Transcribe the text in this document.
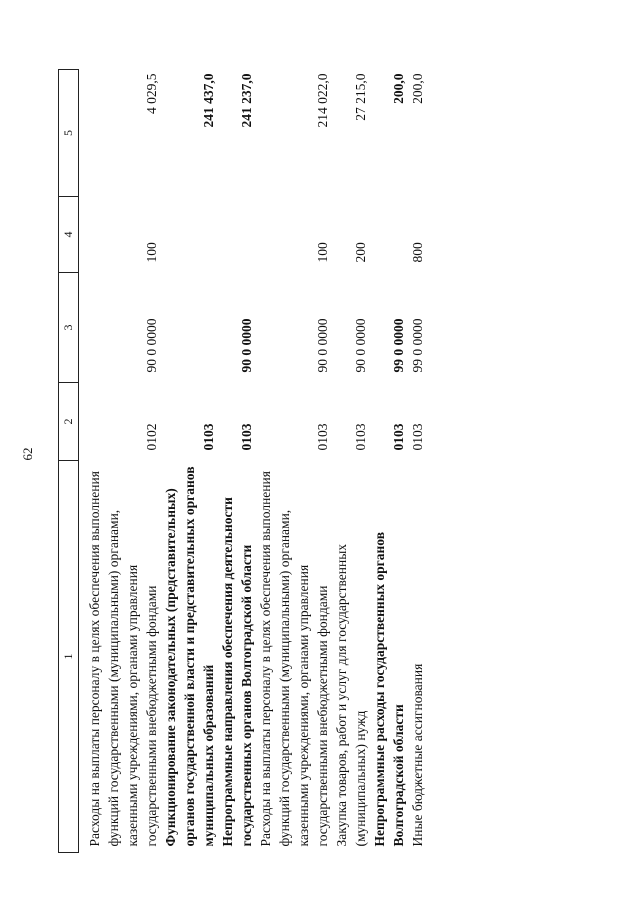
62
1	2	3	4	5
Расходы на выплаты персоналу в целях обеспечения выполнения функций государственными (муниципальными) органами, казенными учреждениями, органами управления государственными внебюджетными фондами	0102	90 0 0000	100	4 029,5
Функционирование законодательных (представительных) органов государственной власти и представительных органов муниципальных образований	0103			241 437,0
Непрограммные направления обеспечения деятельности государственных органов Волгоградской области	0103	90 0 0000		241 237,0
Расходы на выплаты персоналу в целях обеспечения выполнения функций государственными (муниципальными) органами, казенными учреждениями, органами управления государственными внебюджетными фондами	0103	90 0 0000	100	214 022,0
Закупка товаров, работ и услуг для государственных (муниципальных) нужд	0103	90 0 0000	200	27 215,0
Непрограммные расходы государственных органов Волгоградской области	0103	99 0 0000		200,0
Иные бюджетные ассигнования	0103	99 0 0000	800	200,0
